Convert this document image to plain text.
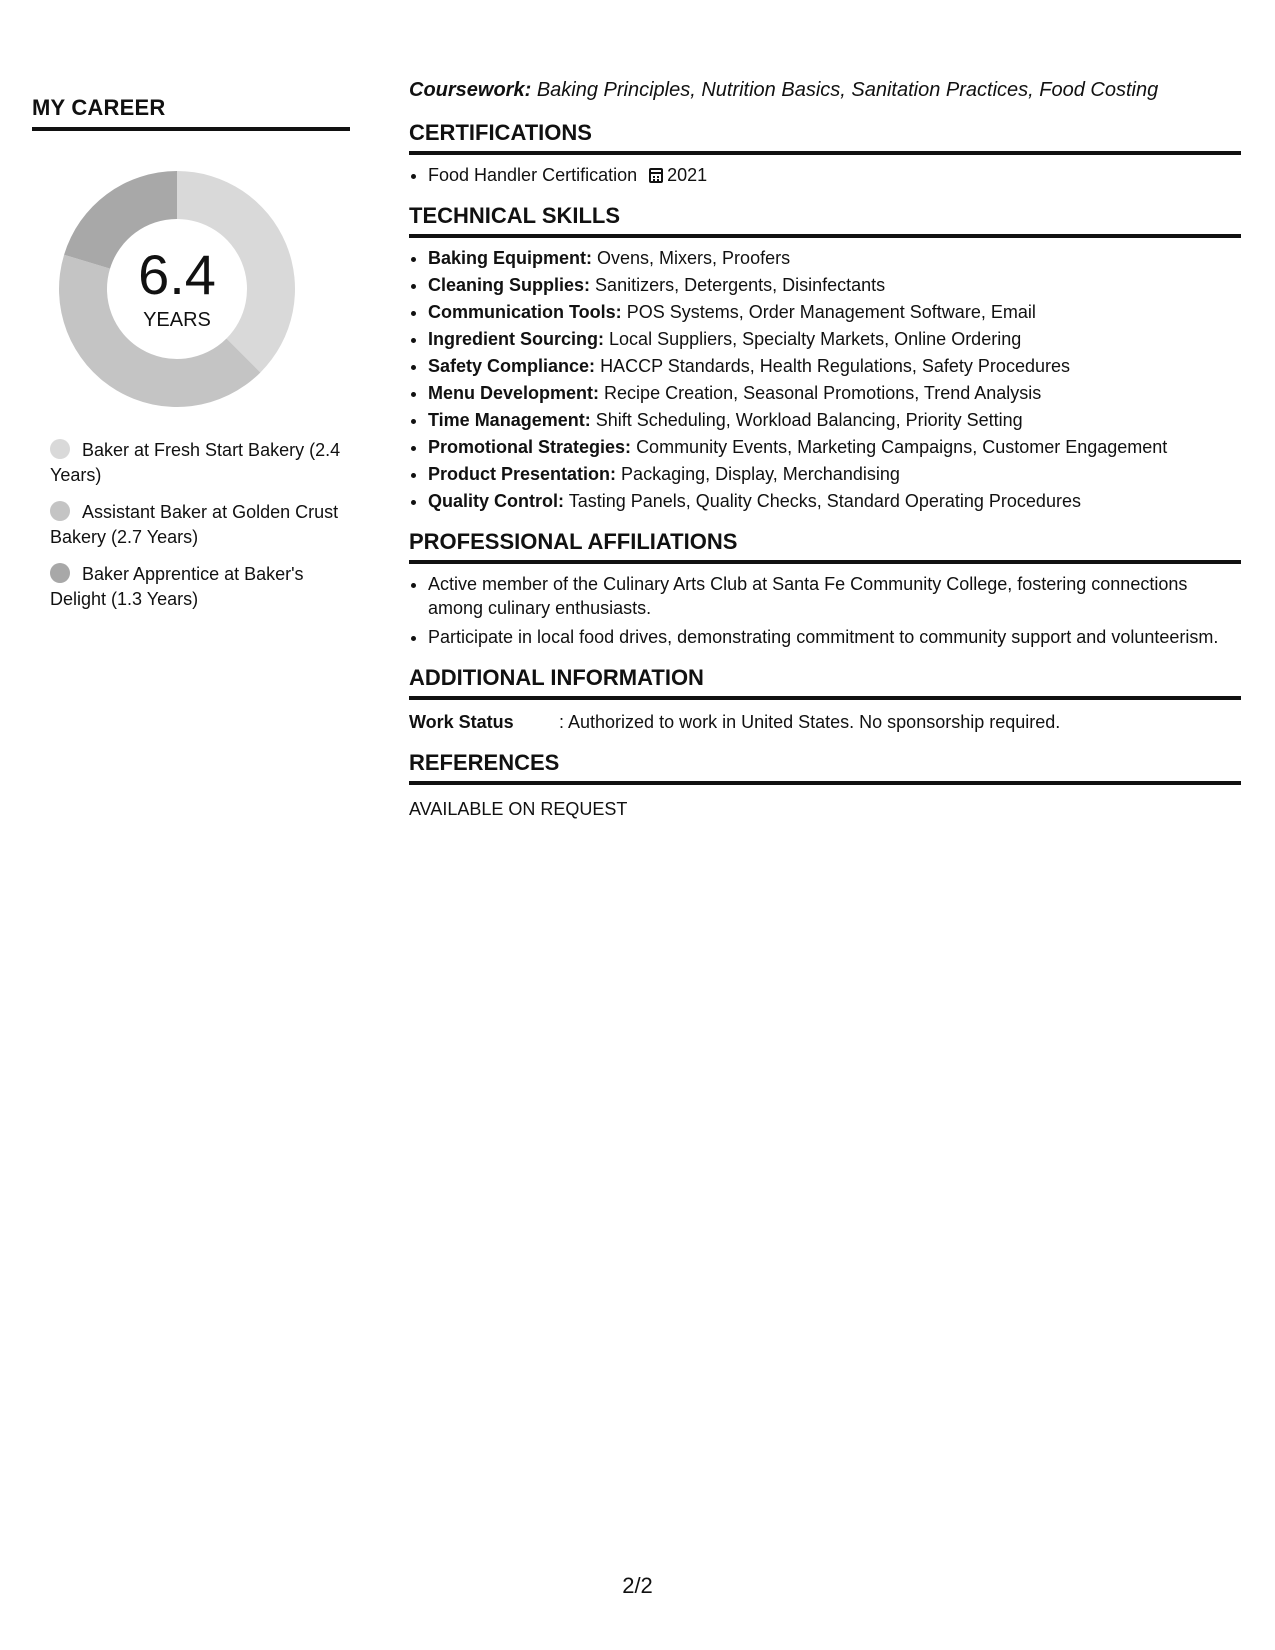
MY CAREER
6.4
YEARS
Baker at Fresh Start Bakery (2.4 Years)
Assistant Baker at Golden Crust Bakery (2.7 Years)
Baker Apprentice at Baker's Delight (1.3 Years)

Coursework: Baking Principles, Nutrition Basics, Sanitation Practices, Food Costing

CERTIFICATIONS
• Food Handler Certification 2021
TECHNICAL SKILLS
• Baking Equipment: Ovens, Mixers, Proofers
• Cleaning Supplies: Sanitizers, Detergents, Disinfectants
• Communication Tools: POS Systems, Order Management Software, Email
• Ingredient Sourcing: Local Suppliers, Specialty Markets, Online Ordering
• Safety Compliance: HACCP Standards, Health Regulations, Safety Procedures
• Menu Development: Recipe Creation, Seasonal Promotions, Trend Analysis
• Time Management: Shift Scheduling, Workload Balancing, Priority Setting
• Promotional Strategies: Community Events, Marketing Campaigns, Customer Engagement
• Product Presentation: Packaging, Display, Merchandising
• Quality Control: Tasting Panels, Quality Checks, Standard Operating Procedures
PROFESSIONAL AFFILIATIONS
• Active member of the Culinary Arts Club at Santa Fe Community College, fostering connections among culinary enthusiasts.
• Participate in local food drives, demonstrating commitment to community support and volunteerism.
ADDITIONAL INFORMATION
Work Status	: Authorized to work in United States. No sponsorship required.
REFERENCES
AVAILABLE ON REQUEST
2/2
